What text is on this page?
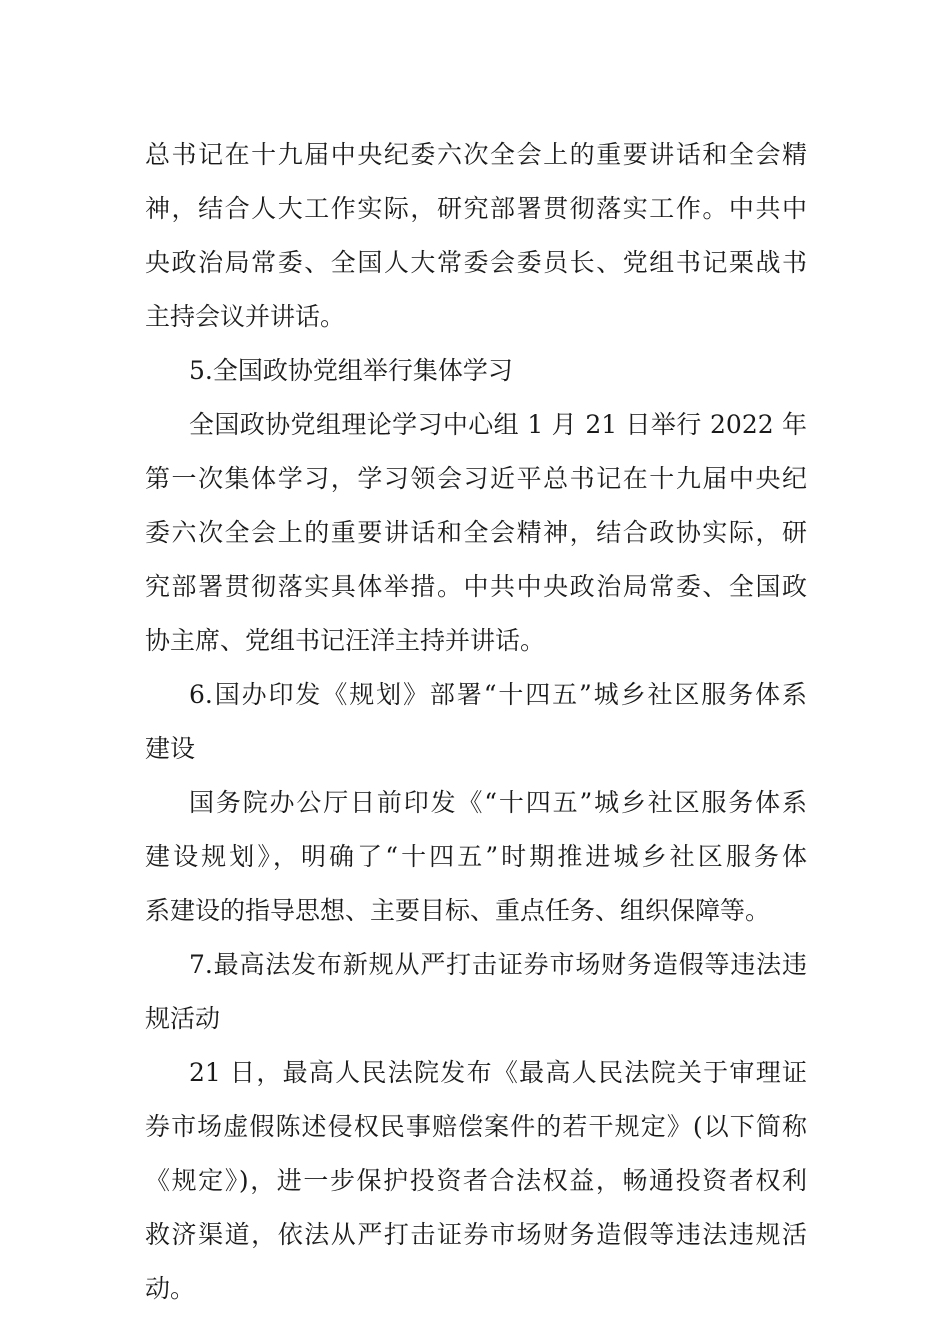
总书记在十九届中央纪委六次全会上的重要讲话和全会精
神，结合人大工作实际，研究部署贯彻落实工作。中共中
央政治局常委、全国人大常委会委员长、党组书记栗战书
主持会议并讲话。
5.全国政协党组举行集体学习
全国政协党组理论学习中心组 1 月 21 日举行 2022 年
第一次集体学习，学习领会习近平总书记在十九届中央纪
委六次全会上的重要讲话和全会精神，结合政协实际，研
究部署贯彻落实具体举措。中共中央政治局常委、全国政
协主席、党组书记汪洋主持并讲话。
6.国办印发《规划》部署“十四五”城乡社区服务体系
建设
国务院办公厅日前印发《“十四五”城乡社区服务体系
建设规划》，明确了“十四五”时期推进城乡社区服务体
系建设的指导思想、主要目标、重点任务、组织保障等。
7.最高法发布新规从严打击证券市场财务造假等违法违
规活动
21 日，最高人民法院发布《最高人民法院关于审理证
券市场虚假陈述侵权民事赔偿案件的若干规定》(以下简称
《规定》)，进一步保护投资者合法权益，畅通投资者权利
救济渠道，依法从严打击证券市场财务造假等违法违规活
动。
